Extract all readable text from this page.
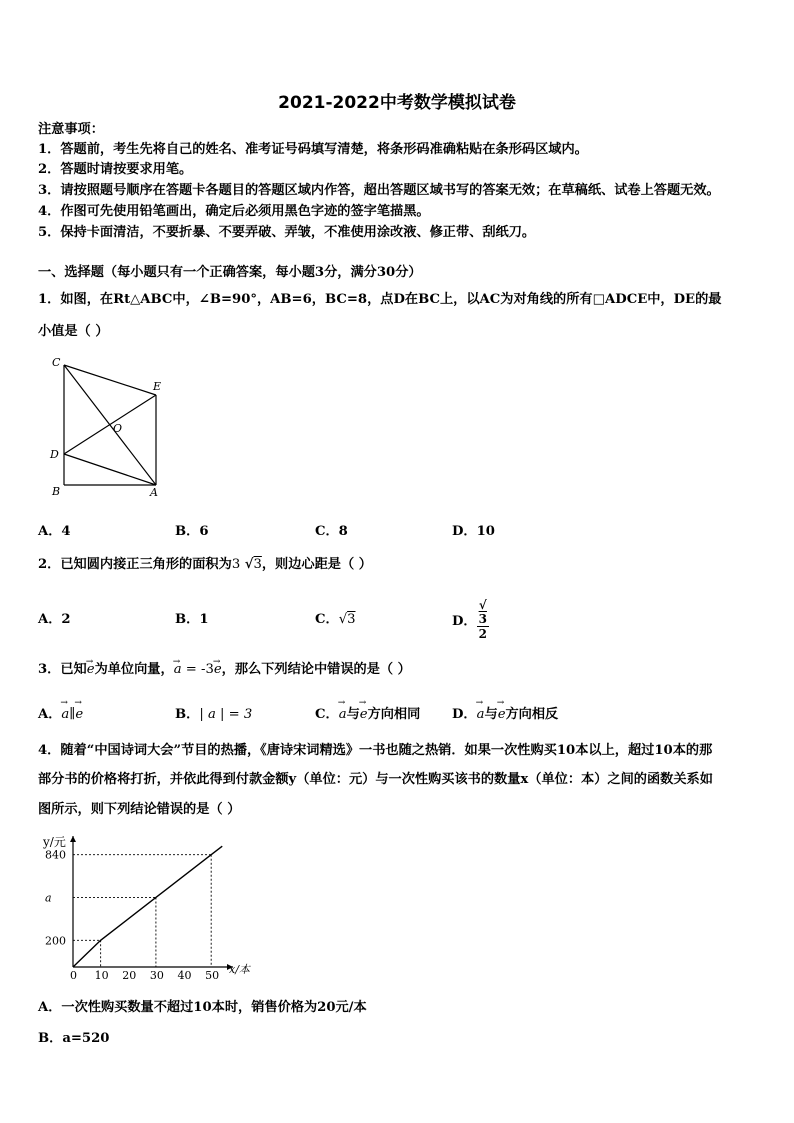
2021-2022中考数学模拟试卷
注意事项：
1．答题前，考生先将自己的姓名、准考证号码填写清楚，将条形码准确粘贴在条形码区域内。
2．答题时请按要求用笔。
3．请按照题号顺序在答题卡各题目的答题区域内作答，超出答题区域书写的答案无效；在草稿纸、试卷上答题无效。
4．作图可先使用铅笔画出，确定后必须用黑色字迹的签字笔描黑。
5．保持卡面清洁，不要折暴、不要弄破、弄皱，不准使用涂改液、修正带、刮纸刀。
一、选择题（每小题只有一个正确答案，每小题3分，满分30分）
1．如图，在Rt△ABC中，∠B=90°，AB=6，BC=8，点D在BC上，以AC为对角线的所有□ADCE中，DE的最
小值是（ ）
C
E
O
D
B	A
A．4	B．6	C．8	D．10
2．已知圆内接正三角形的面积为3 √3，则边心距是（ ）
A．2	B．1	C．√3	D． √
3
2
3．已知→ e为单位向量，→ a = -3→ e，那么下列结论中错误的是（ ）
A．→ a∥→ e	B．| a | = 3	C．→ a与→ e方向相同 D．→ a与→ e方向相反
4．随着“中国诗词大会”节目的热播，《唐诗宋词精选》一书也随之热销．如果一次性购买10本以上，超过10本的那
部分书的价格将打折，并依此得到付款金额y（单位：元）与一次性购买该书的数量x（单位：本）之间的函数关系如
图所示，则下列结论错误的是（ ）
y/元
x/本
0 10 20 30 40 50
200
a
840
A．一次性购买数量不超过10本时，销售价格为20元/本
B．a=520
